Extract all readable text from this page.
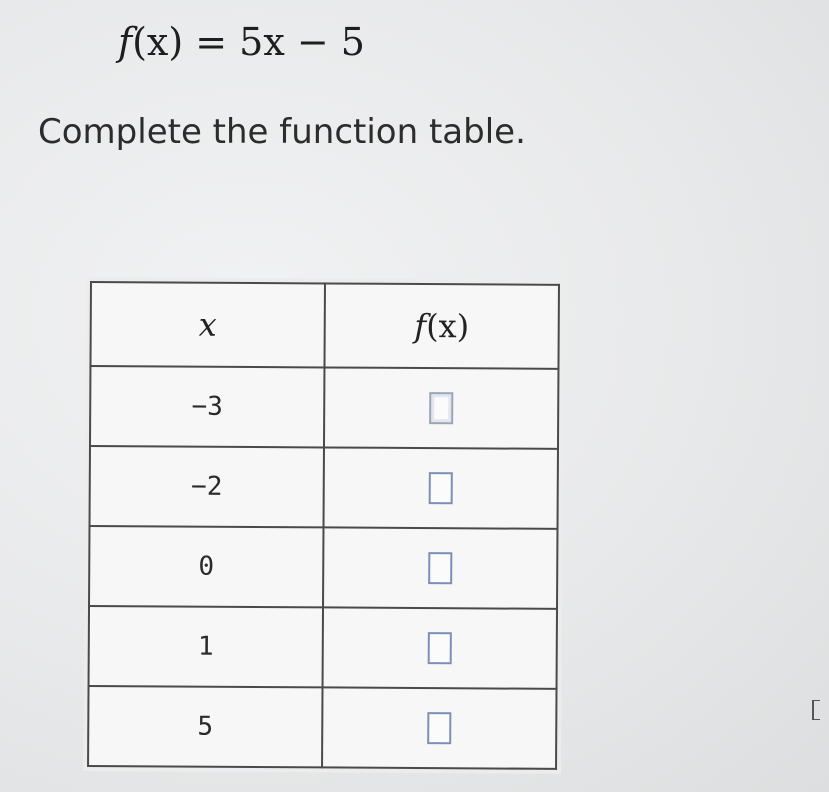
f(x) = 5x − 5
Complete the function table.
x	f(x)
−3	
−2	
0	
1	
5	
